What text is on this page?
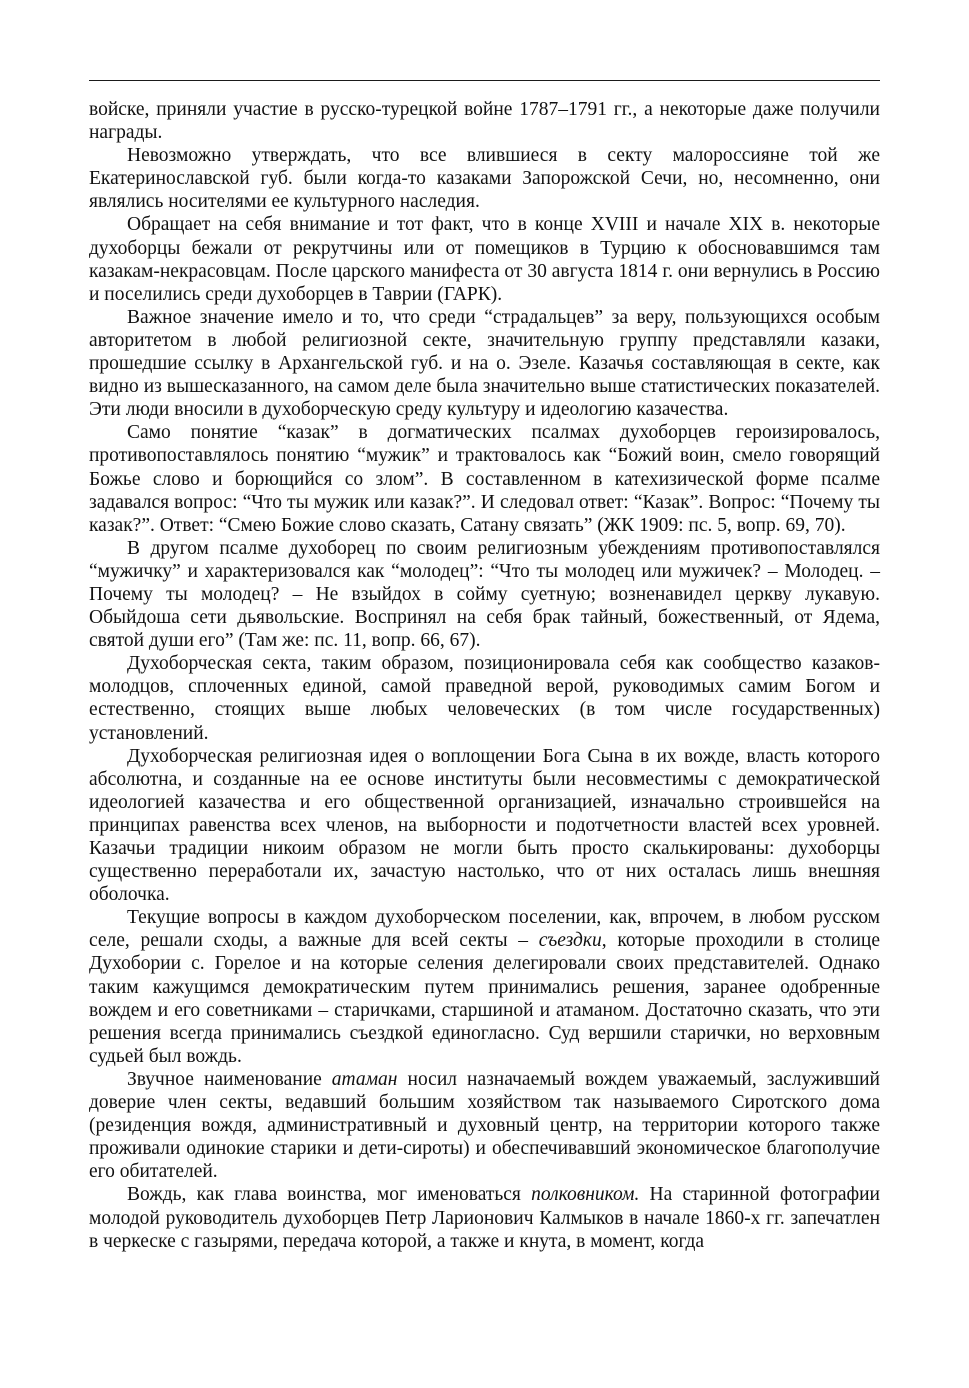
войске, приняли участие в русско-турецкой войне 1787–1791 гг., а некоторые даже получили награды.

Невозможно утверждать, что все влившиеся в секту малороссияне той же Екатеринославской губ. были когда-то казаками Запорожской Сечи, но, несомненно, они являлись носителями ее культурного наследия.

Обращает на себя внимание и тот факт, что в конце XVIII и начале XIX в. некоторые духоборцы бежали от рекрутчины или от помещиков в Турцию к обосновавшимся там казакам-некрасовцам. После царского манифеста от 30 августа 1814 г. они вернулись в Россию и поселились среди духоборцев в Таврии (ГАРК).

Важное значение имело и то, что среди “страдальцев” за веру, пользующихся особым авторитетом в любой религиозной секте, значительную группу представляли казаки, прошедшие ссылку в Архангельской губ. и на о. Эзеле. Казачья составляющая в секте, как видно из вышесказанного, на самом деле была значительно выше статистических показателей. Эти люди вносили в духоборческую среду культуру и идеологию казачества.

Само понятие “казак” в догматических псалмах духоборцев героизировалось, противопоставлялось понятию “мужик” и трактовалось как “Божий воин, смело говорящий Божье слово и борющийся со злом”. В составленном в катехизической форме псалме задавался вопрос: “Что ты мужик или казак?”. И следовал ответ: “Казак”. Вопрос: “Почему ты казак?”. Ответ: “Смею Божие слово сказать, Сатану связать” (ЖК 1909: пс. 5, вопр. 69, 70).

В другом псалме духоборец по своим религиозным убеждениям противопоставлялся “мужичку” и характеризовался как “молодец”: “Что ты молодец или мужичек? – Молодец. – Почему ты молодец? – Не взыйдох в сойму суетную; возненавидел церкву лукавую. Обыйдоша сети дьявольские. Воспринял на себя брак тайный, божественный, от Ядема, святой души его” (Там же: пс. 11, вопр. 66, 67).

Духоборческая секта, таким образом, позиционировала себя как сообщество казаков-молодцов, сплоченных единой, самой праведной верой, руководимых самим Богом и естественно, стоящих выше любых человеческих (в том числе государственных) установлений.

Духоборческая религиозная идея о воплощении Бога Сына в их вожде, власть которого абсолютна, и созданные на ее основе институты были несовместимы с демократической идеологией казачества и его общественной организацией, изначально строившейся на принципах равенства всех членов, на выборности и подотчетности властей всех уровней. Казачьи традиции никоим образом не могли быть просто скалькированы: духоборцы существенно переработали их, зачастую настолько, что от них осталась лишь внешняя оболочка.

Текущие вопросы в каждом духоборческом поселении, как, впрочем, в любом русском селе, решали сходы, а важные для всей секты – съездки, которые проходили в столице Духобории с. Горелое и на которые селения делегировали своих представителей. Однако таким кажущимся демократическим путем принимались решения, заранее одобренные вождем и его советниками – старичками, старшиной и атаманом. Достаточно сказать, что эти решения всегда принимались съездкой единогласно. Суд вершили старички, но верховным судьей был вождь.

Звучное наименование атаман носил назначаемый вождем уважаемый, заслуживший доверие член секты, ведавший большим хозяйством так называемого Сиротского дома (резиденция вождя, административный и духовный центр, на территории которого также проживали одинокие старики и дети-сироты) и обеспечивавший экономическое благополучие его обитателей.

Вождь, как глава воинства, мог именоваться полковником. На старинной фотографии молодой руководитель духоборцев Петр Ларионович Калмыков в начале 1860-х гг. запечатлен в черкеске с газырями, передача которой, а также и кнута, в момент, когда
